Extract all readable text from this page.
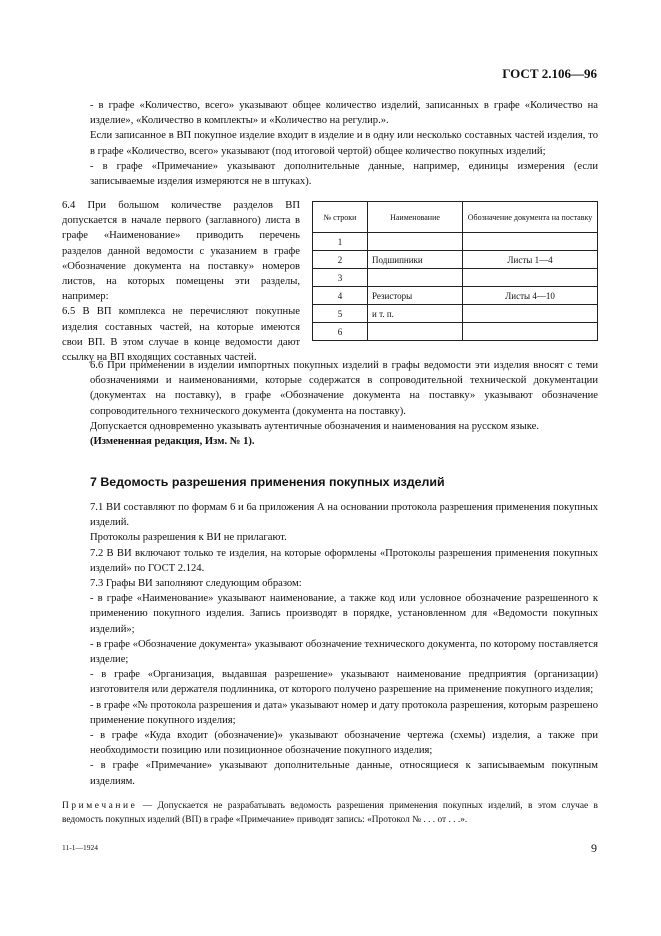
ГОСТ 2.106—96

- в графе «Количество, всего» указывают общее количество изделий, записанных в графе «Количество на изделие», «Количество в комплекты» и «Количество на регулир.».

Если записанное в ВП покупное изделие входит в изделие и в одну или несколько составных частей изделия, то в графе «Количество, всего» указывают (под итоговой чертой) общее количество покупных изделий;

- в графе «Примечание» указывают дополнительные данные, например, единицы измерения (если записываемые изделия измеряются не в штуках).

6.4 При большом количестве разделов ВП допускается в начале первого (заглавного) листа в графе «Наименование» приводить перечень разделов данной ведомости с указанием в графе «Обозначение документа на поставку» номеров листов, на которых помещены эти разделы, например:

6.5 В ВП комплекса не перечисляют покупные изделия составных частей, на которые имеются свои ВП. В этом случае в конце ведомости дают ссылку на ВП входящих составных частей.

№ строки	Наименование	Обозначение документа на поставку
1		
2	Подшипники	Листы 1—4
3		
4	Резисторы	Листы 4—10
5	и т. п.	
6		

6.6 При применении в изделии импортных покупных изделий в графы ведомости эти изделия вносят с теми обозначениями и наименованиями, которые содержатся в сопроводительной технической документации (документах на поставку), в графе «Обозначение документа на поставку» указывают обозначение сопроводительного технического документа (документа на поставку).

Допускается одновременно указывать аутентичные обозначения и наименования на русском языке.

(Измененная редакция, Изм. № 1).

7 Ведомость разрешения применения покупных изделий

7.1 ВИ составляют по формам 6 и 6а приложения А на основании протокола разрешения применения покупных изделий.

Протоколы разрешения к ВИ не прилагают.

7.2 В ВИ включают только те изделия, на которые оформлены «Протоколы разрешения применения покупных изделий» по ГОСТ 2.124.

7.3 Графы ВИ заполняют следующим образом:

- в графе «Наименование» указывают наименование, а также код или условное обозначение разрешенного к применению покупного изделия. Запись производят в порядке, установленном для «Ведомости покупных изделий»;

- в графе «Обозначение документа» указывают обозначение технического документа, по которому поставляется изделие;

- в графе «Организация, выдавшая разрешение» указывают наименование предприятия (организации) изготовителя или держателя подлинника, от которого получено разрешение на применение покупного изделия;

- в графе «№ протокола разрешения и дата» указывают номер и дату протокола разрешения, которым разрешено применение покупного изделия;

- в графе «Куда входит (обозначение)» указывают обозначение чертежа (схемы) изделия, а также при необходимости позицию или позиционное обозначение покупного изделия;

- в графе «Примечание» указывают дополнительные данные, относящиеся к записываемым покупным изделиям.

Примечание — Допускается не разрабатывать ведомость разрешения применения покупных изделий, в этом случае в ведомость покупных изделий (ВП) в графе «Примечание» приводят запись: «Протокол № . . . от . . .».
11-1—1924	9
